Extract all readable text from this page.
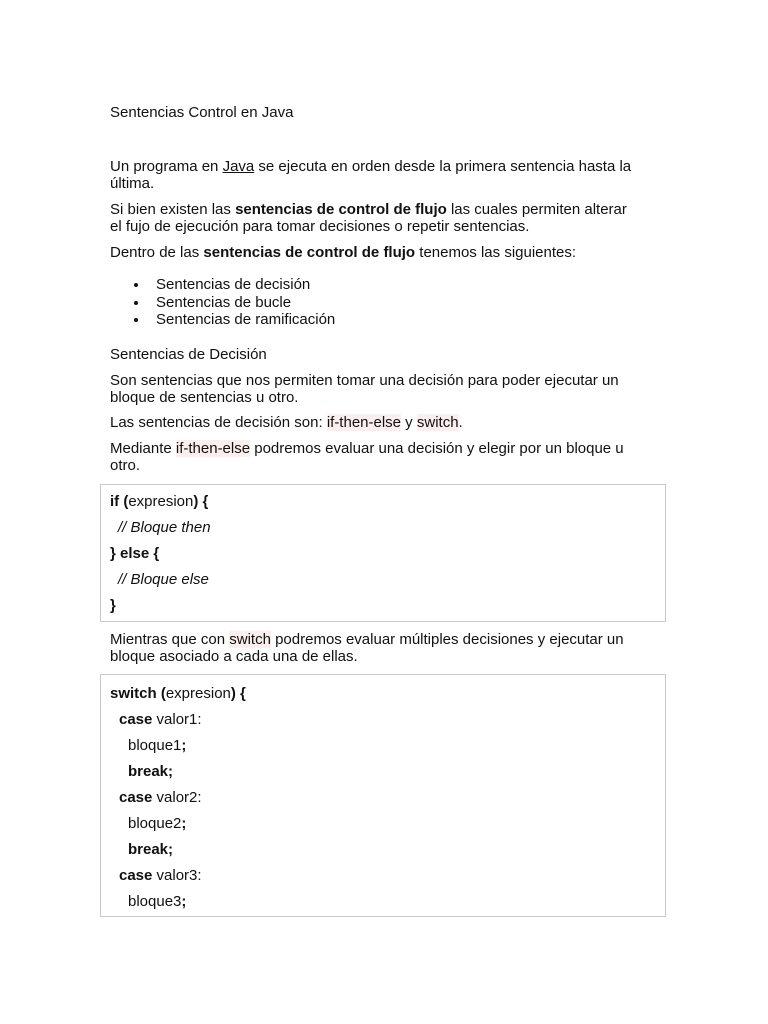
Sentencias Control en Java

Un programa en Java se ejecuta en orden desde la primera sentencia hasta la

última.

Si bien existen las sentencias de control de flujo las cuales permiten alterar

el fujo de ejecución para tomar decisiones o repetir sentencias.

Dentro de las sentencias de control de flujo tenemos las siguientes:

Sentencias de decisión
Sentencias de bucle
Sentencias de ramificación

Sentencias de Decisión

Son sentencias que nos permiten tomar una decisión para poder ejecutar un

bloque de sentencias u otro.

Las sentencias de decisión son: if-then-else y switch.

Mediante if-then-else podremos evaluar una decisión y elegir por un bloque u

otro.

Mientras que con switch podremos evaluar múltiples decisiones y ejecutar un

bloque asociado a cada una de ellas.

if (expresion) {
// Bloque then
} else {
// Bloque else
}
switch (expresion) {
case valor1:
bloque1;
break;
case valor2:
bloque2;
break;
case valor3:
bloque3;
